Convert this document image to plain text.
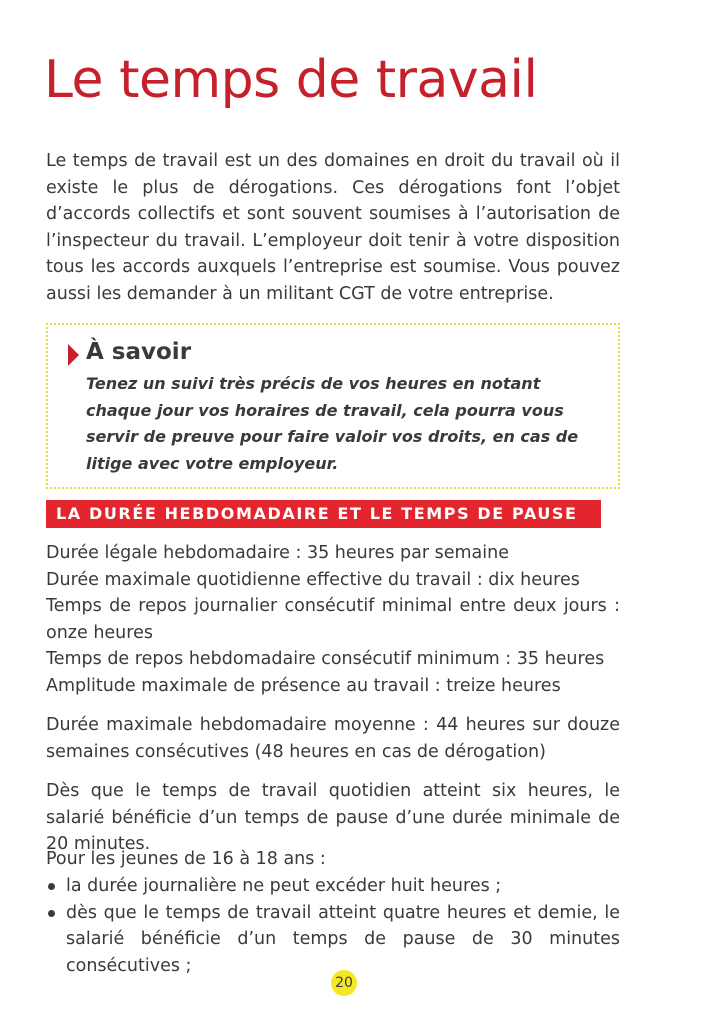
Le temps de travail

Le temps de travail est un des domaines en droit du travail où il existe le plus de dérogations. Ces dérogations font l’objet d’accords collectifs et sont souvent soumises à l’autorisation de l’inspecteur du travail. L’employeur doit tenir à votre disposition tous les accords auxquels l’entreprise est soumise. Vous pouvez aussi les demander à un militant CGT de votre entreprise.

À savoir

Tenez un suivi très précis de vos heures en notant chaque jour vos horaires de travail, cela pourra vous servir de preuve pour faire valoir vos droits, en cas de litige avec votre employeur.

LA DURÉE HEBDOMADAIRE ET LE TEMPS DE PAUSE
Durée légale hebdomadaire : 35 heures par semaine
Durée maximale quotidienne effective du travail : dix heures
Temps de repos journalier consécutif minimal entre deux jours : onze heures
Temps de repos hebdomadaire consécutif minimum : 35 heures
Amplitude maximale de présence au travail : treize heures

Durée maximale hebdomadaire moyenne : 44 heures sur douze semaines consécutives (48 heures en cas de dérogation)

Dès que le temps de travail quotidien atteint six heures, le salarié bénéficie d’un temps de pause d’une durée minimale de 20 minutes.

Pour les jeunes de 16 à 18 ans :

la durée journalière ne peut excéder huit heures ;
dès que le temps de travail atteint quatre heures et demie, le salarié bénéficie d’un temps de pause de 30 minutes consécutives ;
20
